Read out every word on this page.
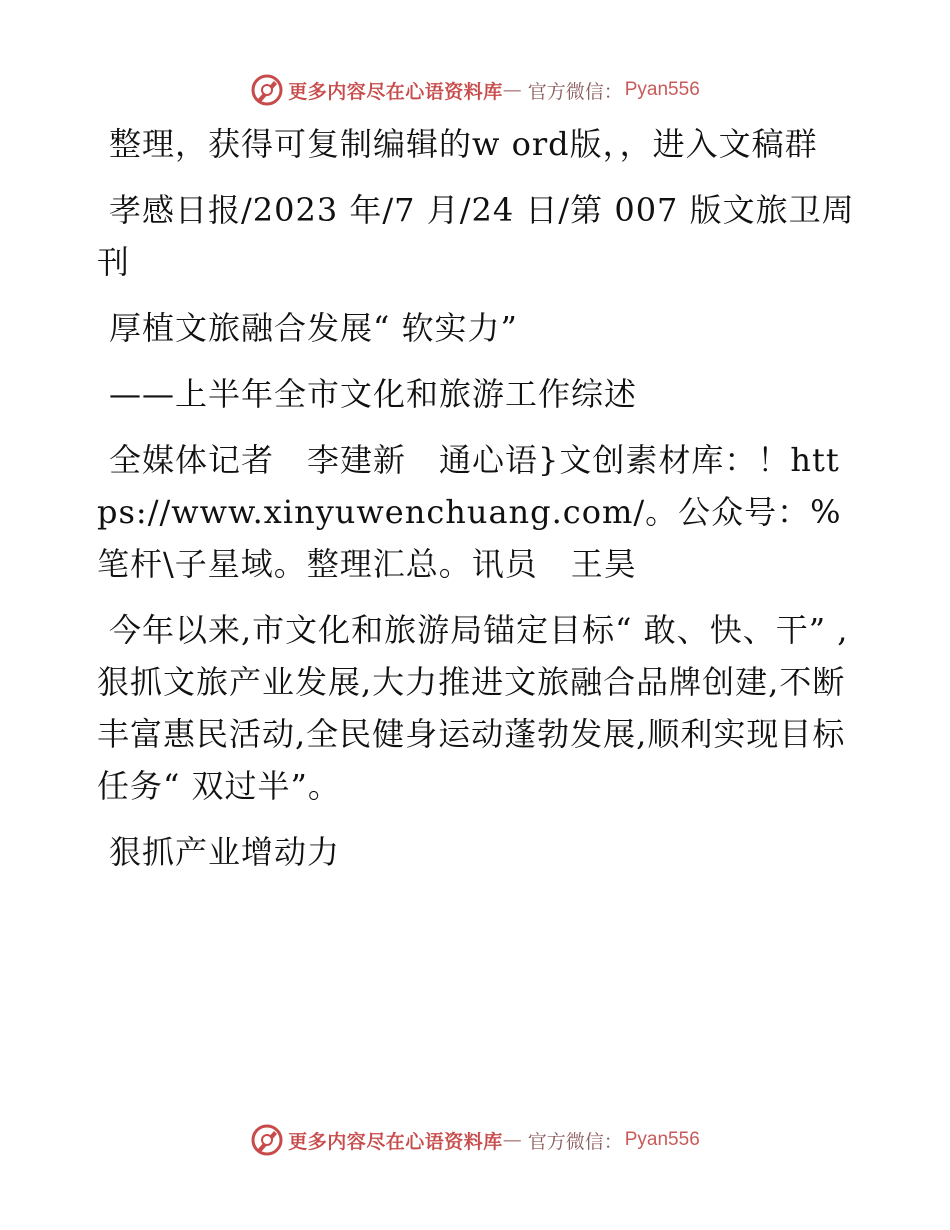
更多内容尽在心语资料库 — 官方微信： Pyan556

整理，获得可复制编辑的w ord版，，进入文稿群

孝感日报/2023 年/7 月/24 日/第 007 版文旅卫周刊

厚植文旅融合发展“ 软实力”

——上半年全市文化和旅游工作综述

全媒体记者　李建新　通心语}文创素材库：！https://www.xinyuwenchuang.com/。公众号：%笔杆\子星域。整理汇总。讯员　王昊

今年以来,市文化和旅游局锚定目标“ 敢、快、干” ,狠抓文旅产业发展,大力推进文旅融合品牌创建,不断丰富惠民活动,全民健身运动蓬勃发展,顺利实现目标任务“ 双过半”。

狠抓产业增动力

更多内容尽在心语资料库 — 官方微信： Pyan556
